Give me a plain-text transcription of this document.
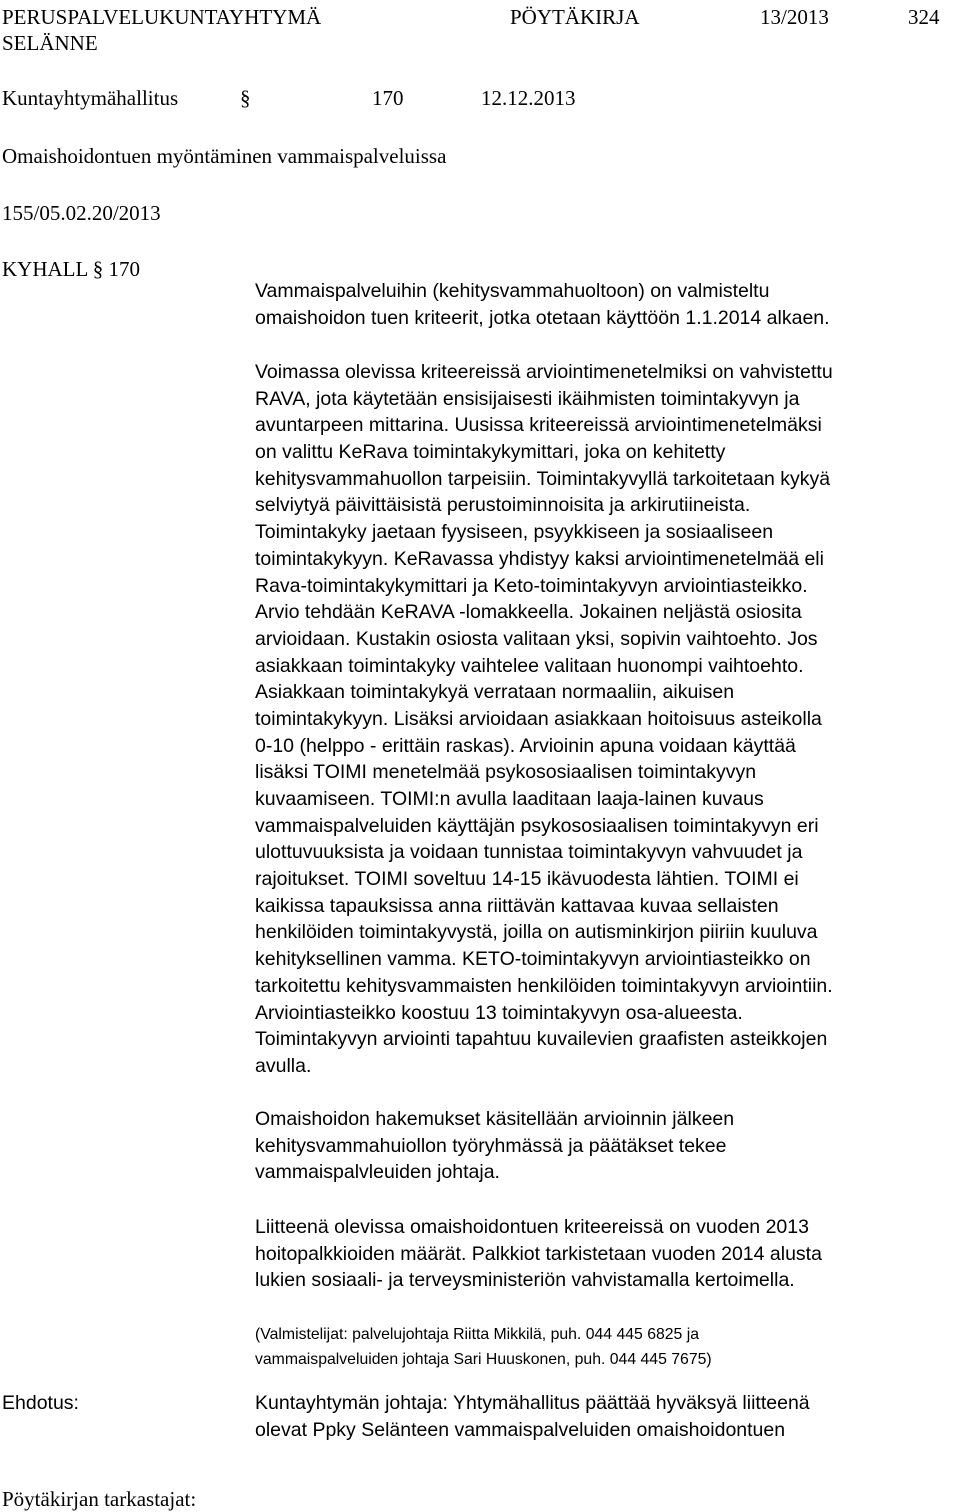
PERUSPALVELUKUNTAYHTYMÄ
SELÄNNE
PÖYTÄKIRJA	13/2013	324
Kuntayhtymähallitus	§	170	12.12.2013
Omaishoidontuen myöntäminen vammaispalveluissa
155/05.02.20/2013
KYHALL § 170
Vammaispalveluihin (kehitysvammahuoltoon) on valmisteltu
omaishoidon tuen kriteerit, jotka otetaan käyttöön 1.1.2014 alkaen.
Voimassa olevissa kriteereissä arviointimenetelmiksi on vahvistettu
RAVA, jota käytetään ensisijaisesti ikäihmisten toimintakyvyn ja
avuntarpeen mittarina. Uusissa kriteereissä arviointimenetelmäksi
on valittu KeRava toimintakykymittari, joka on kehitetty
kehitysvammahuollon tarpeisiin. Toimintakyvyllä tarkoitetaan kykyä
selviytyä päivittäisistä perustoiminnoisita ja arkirutiineista.
Toimintakyky jaetaan fyysiseen, psyykkiseen ja sosiaaliseen
toimintakykyyn. KeRavassa yhdistyy kaksi arviointimenetelmää eli
Rava-toimintakykymittari ja Keto-toimintakyvyn arviointiasteikko.
Arvio tehdään KeRAVA -lomakkeella. Jokainen neljästä osiosita
arvioidaan. Kustakin osiosta valitaan yksi, sopivin vaihtoehto. Jos
asiakkaan toimintakyky vaihtelee valitaan huonompi vaihtoehto.
Asiakkaan toimintakykyä verrataan normaaliin, aikuisen
toimintakykyyn. Lisäksi arvioidaan asiakkaan hoitoisuus asteikolla
0-10 (helppo - erittäin raskas). Arvioinin apuna voidaan käyttää
lisäksi TOIMI menetelmää psykososiaalisen toimintakyvyn
kuvaamiseen. TOIMI:n avulla laaditaan laaja-lainen kuvaus
vammaispalveluiden käyttäjän psykososiaalisen toimintakyvyn eri
ulottuvuuksista ja voidaan tunnistaa toimintakyvyn vahvuudet ja
rajoitukset. TOIMI soveltuu 14-15 ikävuodesta lähtien. TOIMI ei
kaikissa tapauksissa anna riittävän kattavaa kuvaa sellaisten
henkilöiden toimintakyvystä, joilla on autisminkirjon piiriin kuuluva
kehityksellinen vamma. KETO-toimintakyvyn arviointiasteikko on
tarkoitettu kehitysvammaisten henkilöiden toimintakyvyn arviointiin.
Arviointiasteikko koostuu 13 toimintakyvyn osa-alueesta.
Toimintakyvyn arviointi tapahtuu kuvailevien graafisten asteikkojen
avulla.
Omaishoidon hakemukset käsitellään arvioinnin jälkeen
kehitysvammahuiollon työryhmässä ja päätäkset tekee
vammaispalvleuiden johtaja.
Liitteenä olevissa omaishoidontuen kriteereissä on vuoden 2013
hoitopalkkioiden määrät. Palkkiot tarkistetaan vuoden 2014 alusta
lukien sosiaali- ja terveysministeriön vahvistamalla kertoimella.
(Valmistelijat: palvelujohtaja Riitta Mikkilä, puh. 044 445 6825 ja
vammaispalveluiden johtaja Sari Huuskonen, puh. 044 445 7675)
Ehdotus:	Kuntayhtymän johtaja: Yhtymähallitus päättää hyväksyä liitteenä
olevat Ppky Selänteen vammaispalveluiden omaishoidontuen
Pöytäkirjan tarkastajat:
